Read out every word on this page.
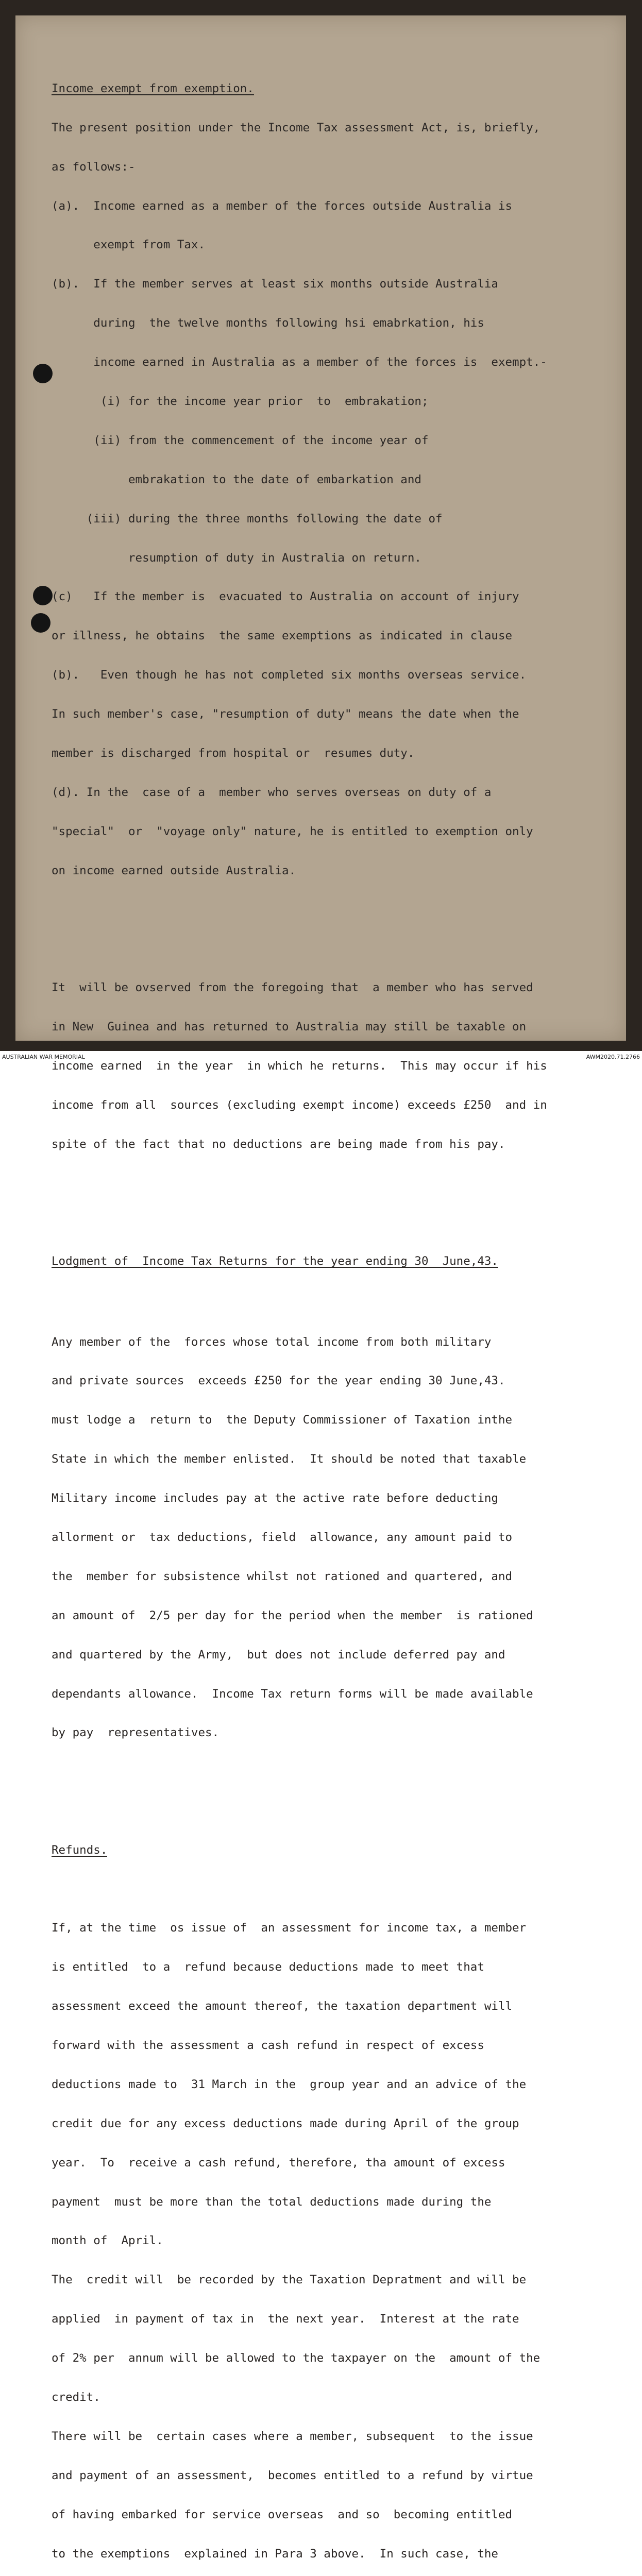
Income exempt from exemption.

The present position under the Income Tax assessment Act, is, briefly,

as follows:-

(a).  Income earned as a member of the forces outside Australia is

exempt from Tax.

(b).  If the member serves at least six months outside Australia

during  the twelve months following hsi emabrkation, his

income earned in Australia as a member of the forces is  exempt.-

(i) for the income year prior  to  embrakation;

(ii) from the commencement of the income year of

embrakation to the date of embarkation and

(iii) during the three months following the date of

resumption of duty in Australia on return.

(c)   If the member is  evacuated to Australia on account of injury

or illness, he obtains  the same exemptions as indicated in clause

(b).   Even though he has not completed six months overseas service.

In such member's case, "resumption of duty" means the date when the

member is discharged from hospital or  resumes duty.

(d). In the  case of a  member who serves overseas on duty of a

"special"  or  "voyage only" nature, he is entitled to exemption only

on income earned outside Australia.

It  will be ovserved from the foregoing that  a member who has served

in New  Guinea and has returned to Australia may still be taxable on

income earned  in the year  in which he returns.  This may occur if his

income from all  sources (excluding exempt income) exceeds £250  and in

spite of the fact that no deductions are being made from his pay.

Lodgment of  Income Tax Returns for the year ending 30  June,43.

Any member of the  forces whose total income from both military

and private sources  exceeds £250 for the year ending 30 June,43.

must lodge a  return to  the Deputy Commissioner of Taxation inthe

State in which the member enlisted.  It should be noted that taxable

Military income includes pay at the active rate before deducting

allorment or  tax deductions, field  allowance, any amount paid to

the  member for subsistence whilst not rationed and quartered, and

an amount of  2/5 per day for the period when the member  is rationed

and quartered by the Army,  but does not include deferred pay and

dependants allowance.  Income Tax return forms will be made available

by pay  representatives.

Refunds.

If, at the time  os issue of  an assessment for income tax, a member

is entitled  to a  refund because deductions made to meet that

assessment exceed the amount thereof, the taxation department will

forward with the assessment a cash refund in respect of excess

deductions made to  31 March in the  group year and an advice of the

credit due for any excess deductions made during April of the group

year.  To  receive a cash refund, therefore, tha amount of excess

payment  must be more than the total deductions made during the

month of  April.

The  credit will  be recorded by the Taxation Depratment and will be

applied  in payment of tax in  the next year.  Interest at the rate

of 2% per  annum will be allowed to the taxpayer on the  amount of the

credit.

There will be  certain cases where a member, subsequent  to the issue

and payment of an assessment,  becomes entitled to a refund by virtue

of having embarked for service overseas  and so  becoming entitled

to the exemptions  explained in Para 3 above.  In such case, the

AUSTRALIAN WAR MEMORIAL	AWM2020.71.2766
